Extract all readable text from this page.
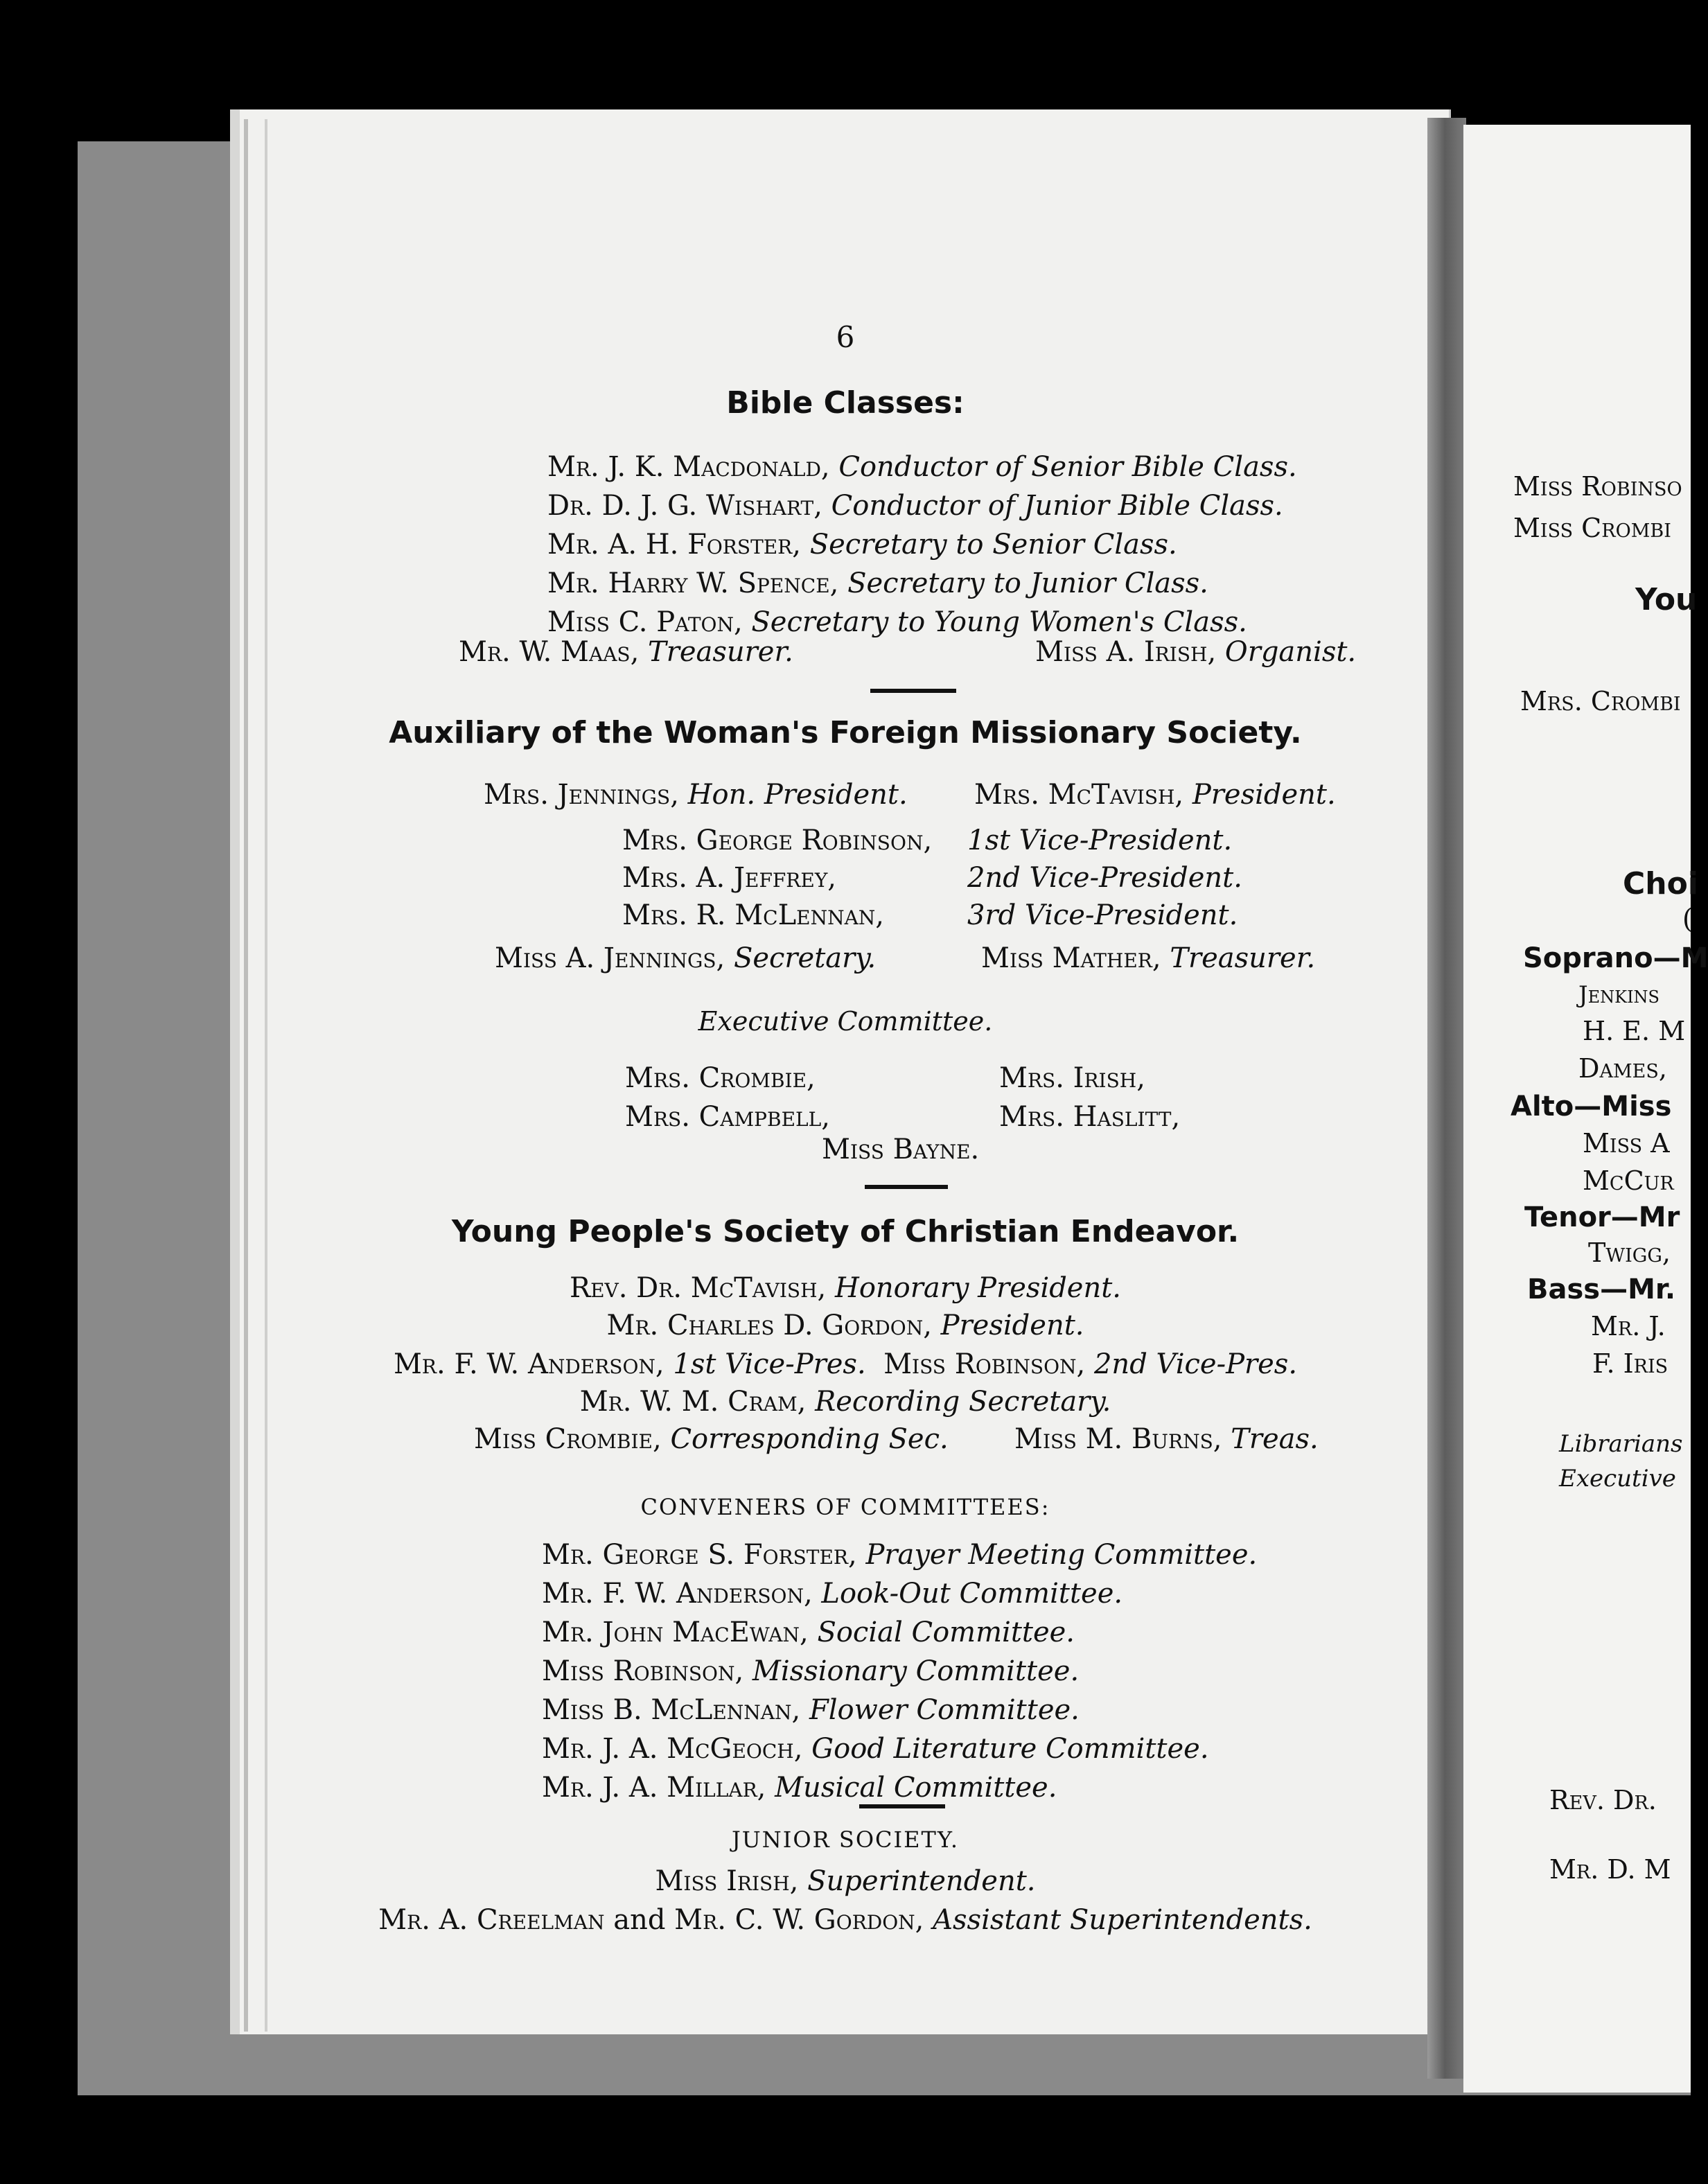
Miss Robinso
Miss Crombi
You
Mrs. Crombi
Choi
(
Soprano—M
Jenkins
H. E. M
Dames,
Alto—Miss
Miss A
McCur
Tenor—Mr
Twigg,
Bass—Mr.
Mr. J.
F. Iris
Librarians
Executive
Rev. Dr.
Mr. D. M
6
Bible Classes:
Mr. J. K. Macdonald, Conductor of Senior Bible Class.
Dr. D. J. G. Wishart, Conductor of Junior Bible Class.
Mr. A. H. Forster, Secretary to Senior Class.
Mr. Harry W. Spence, Secretary to Junior Class.
Miss C. Paton, Secretary to Young Women's Class.
Mr. W. Maas, Treasurer.	Miss A. Irish, Organist.
Auxiliary of the Woman's Foreign Missionary Society.
Mrs. Jennings, Hon. President. Mrs. McTavish, President.
Mrs. George Robinson,
Mrs. A. Jeffrey,
Mrs. R. McLennan,
1st Vice-President.
2nd Vice-President.
3rd Vice-President.
Miss A. Jennings, Secretary.	Miss Mather, Treasurer.
Executive Committee.
Mrs. Crombie,
Mrs. Campbell,
Mrs. Irish,
Mrs. Haslitt,
Miss Bayne.
Young People's Society of Christian Endeavor.
Rev. Dr. McTavish, Honorary President.
Mr. Charles D. Gordon, President.
Mr. F. W. Anderson, 1st Vice-Pres. Miss Robinson, 2nd Vice-Pres.
Mr. W. M. Cram, Recording Secretary.
Miss Crombie, Corresponding Sec. Miss M. Burns, Treas.
CONVENERS OF COMMITTEES:
Mr. George S. Forster, Prayer Meeting Committee.
Mr. F. W. Anderson, Look-Out Committee.
Mr. John MacEwan, Social Committee.
Miss Robinson, Missionary Committee.
Miss B. McLennan, Flower Committee.
Mr. J. A. McGeoch, Good Literature Committee.
Mr. J. A. Millar, Musical Committee.
JUNIOR SOCIETY.
Miss Irish, Superintendent.
Mr. A. Creelman and Mr. C. W. Gordon, Assistant Superintendents.
